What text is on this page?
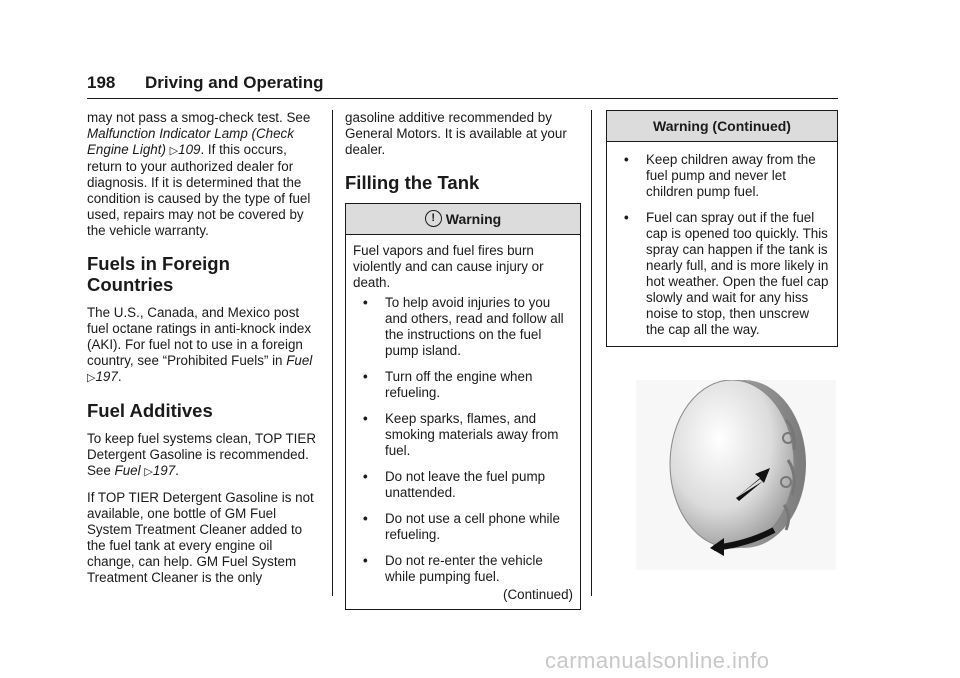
198 Driving and Operating

may not pass a smog-check test. See Malfunction Indicator Lamp (Check Engine Light) ▷109. If this occurs, return to your authorized dealer for diagnosis. If it is determined that the condition is caused by the type of fuel used, repairs may not be covered by the vehicle warranty.

Fuels in Foreign
Countries

The U.S., Canada, and Mexico post fuel octane ratings in anti-knock index (AKI). For fuel not to use in a foreign country, see “Prohibited Fuels” in Fuel ▷197.

Fuel Additives

To keep fuel systems clean, TOP TIER Detergent Gasoline is recommended. See Fuel ▷197.

If TOP TIER Detergent Gasoline is not available, one bottle of GM Fuel System Treatment Cleaner added to the fuel tank at every engine oil change, can help. GM Fuel System Treatment Cleaner is the only

gasoline additive recommended by General Motors. It is available at your dealer.

Filling the Tank
! Warning

Fuel vapors and fuel fires burn violently and can cause injury or death.

• To help avoid injuries to you and others, read and follow all the instructions on the fuel pump island.
• Turn off the engine when refueling.
• Keep sparks, flames, and smoking materials away from fuel.
• Do not leave the fuel pump unattended.
• Do not use a cell phone while refueling.
• Do not re-enter the vehicle while pumping fuel.
(Continued)
Warning (Continued)
• Keep children away from the fuel pump and never let children pump fuel.
• Fuel can spray out if the fuel cap is opened too quickly. This spray can happen if the tank is nearly full, and is more likely in hot weather. Open the fuel cap slowly and wait for any hiss noise to stop, then unscrew the cap all the way.
carmanualsonline.info
